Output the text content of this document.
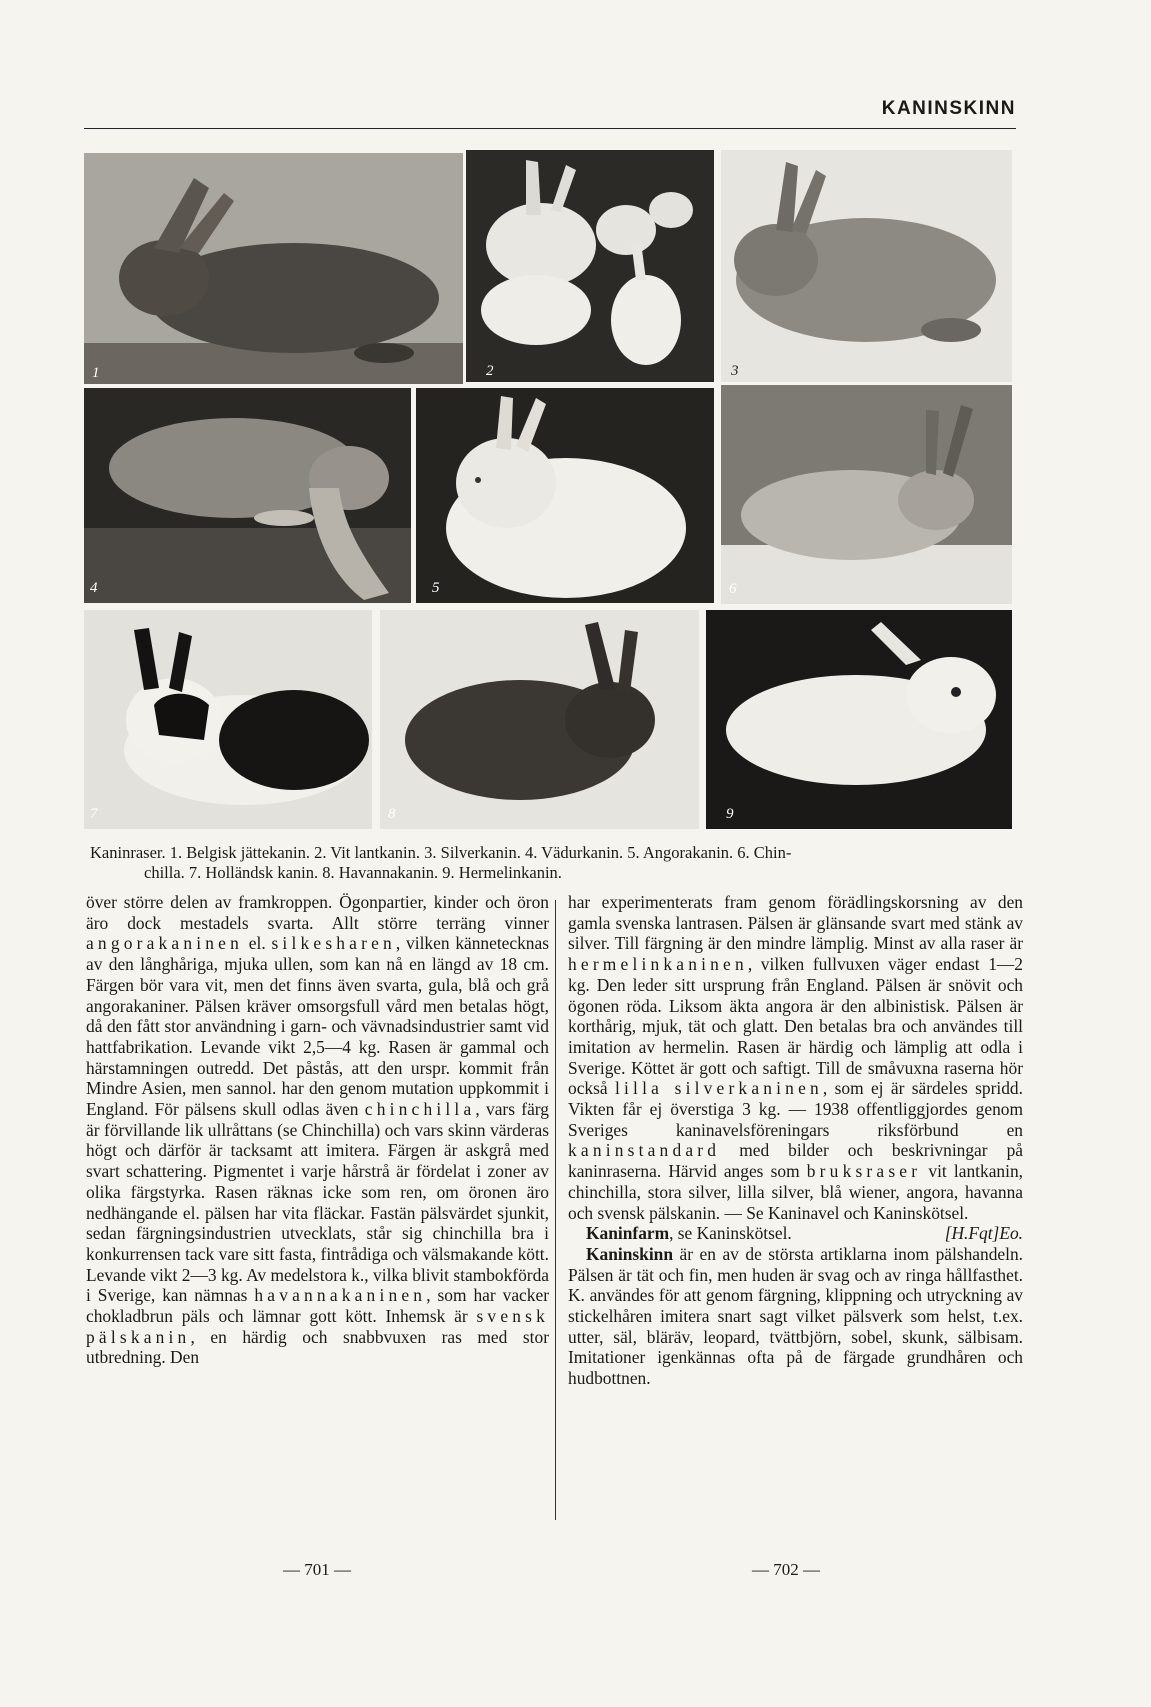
KANINSKINN
1	2	3
4	5	6
7	8	9
Kaninraser. 1. Belgisk jättekanin. 2. Vit lantkanin. 3. Silverkanin. 4. Vädurkanin. 5. Angorakanin. 6. Chin-
chilla. 7. Holländsk kanin. 8. Havannakanin. 9. Hermelinkanin.

över större delen av framkroppen. Ögonpartier, kinder och öron äro dock mestadels svarta. Allt större terräng vinner angorakaninen el. silkesharen, vilken kännetecknas av den långhåriga, mjuka ullen, som kan nå en längd av 18 cm. Färgen bör vara vit, men det finns även svarta, gula, blå och grå angorakaniner. Pälsen kräver omsorgsfull vård men betalas högt, då den fått stor användning i garn- och vävnadsindustrier samt vid hattfabrikation. Levande vikt 2,5—4 kg. Rasen är gammal och härstamningen outredd. Det påstås, att den urspr. kommit från Mindre Asien, men sannol. har den genom mutation uppkommit i England. För pälsens skull odlas även chinchilla, vars färg är förvillande lik ullråttans (se Chinchilla) och vars skinn värderas högt och därför är tacksamt att imitera. Färgen är askgrå med svart schattering. Pigmentet i varje hårstrå är fördelat i zoner av olika färgstyrka. Rasen räknas icke som ren, om öronen äro nedhängande el. pälsen har vita fläckar. Fastän pälsvärdet sjunkit, sedan färgningsindustrien utvecklats, står sig chinchilla bra i konkurrensen tack vare sitt fasta, fintrådiga och välsmakande kött. Levande vikt 2—3 kg. Av medelstora k., vilka blivit stambokförda i Sverige, kan nämnas havannakaninen, som har vacker chokladbrun päls och lämnar gott kött. Inhemsk är svensk pälskanin, en härdig och snabbvuxen ras med stor utbredning. Den

har experimenterats fram genom förädlingskorsning av den gamla svenska lantrasen. Pälsen är glänsande svart med stänk av silver. Till färgning är den mindre lämplig. Minst av alla raser är hermelinkaninen, vilken fullvuxen väger endast 1—2 kg. Den leder sitt ursprung från England. Pälsen är snövit och ögonen röda. Liksom äkta angora är den albinistisk. Pälsen är korthårig, mjuk, tät och glatt. Den betalas bra och användes till imitation av hermelin. Rasen är härdig och lämplig att odla i Sverige. Köttet är gott och saftigt. Till de småvuxna raserna hör också lilla silverkaninen, som ej är särdeles spridd. Vikten får ej överstiga 3 kg. — 1938 offentliggjordes genom Sveriges kaninavelsföreningars riksförbund en kaninstandard med bilder och beskrivningar på kaninraserna. Härvid anges som bruksraser vit lantkanin, chinchilla, stora silver, lilla silver, blå wiener, angora, havanna och svensk pälskanin. — Se Kaninavel och Kaninskötsel.
[H.Fqt]Eo.

Kaninfarm, se Kaninskötsel.

Kaninskinn är en av de största artiklarna inom pälshandeln. Pälsen är tät och fin, men huden är svag och av ringa hållfasthet. K. användes för att genom färgning, klippning och utryckning av stickelhåren imitera snart sagt vilket pälsverk som helst, t.ex. utter, säl, bläräv, leopard, tvättbjörn, sobel, skunk, sälbisam. Imitationer igenkännas ofta på de färgade grundhåren och hudbottnen.

— 701 —	— 702 —
